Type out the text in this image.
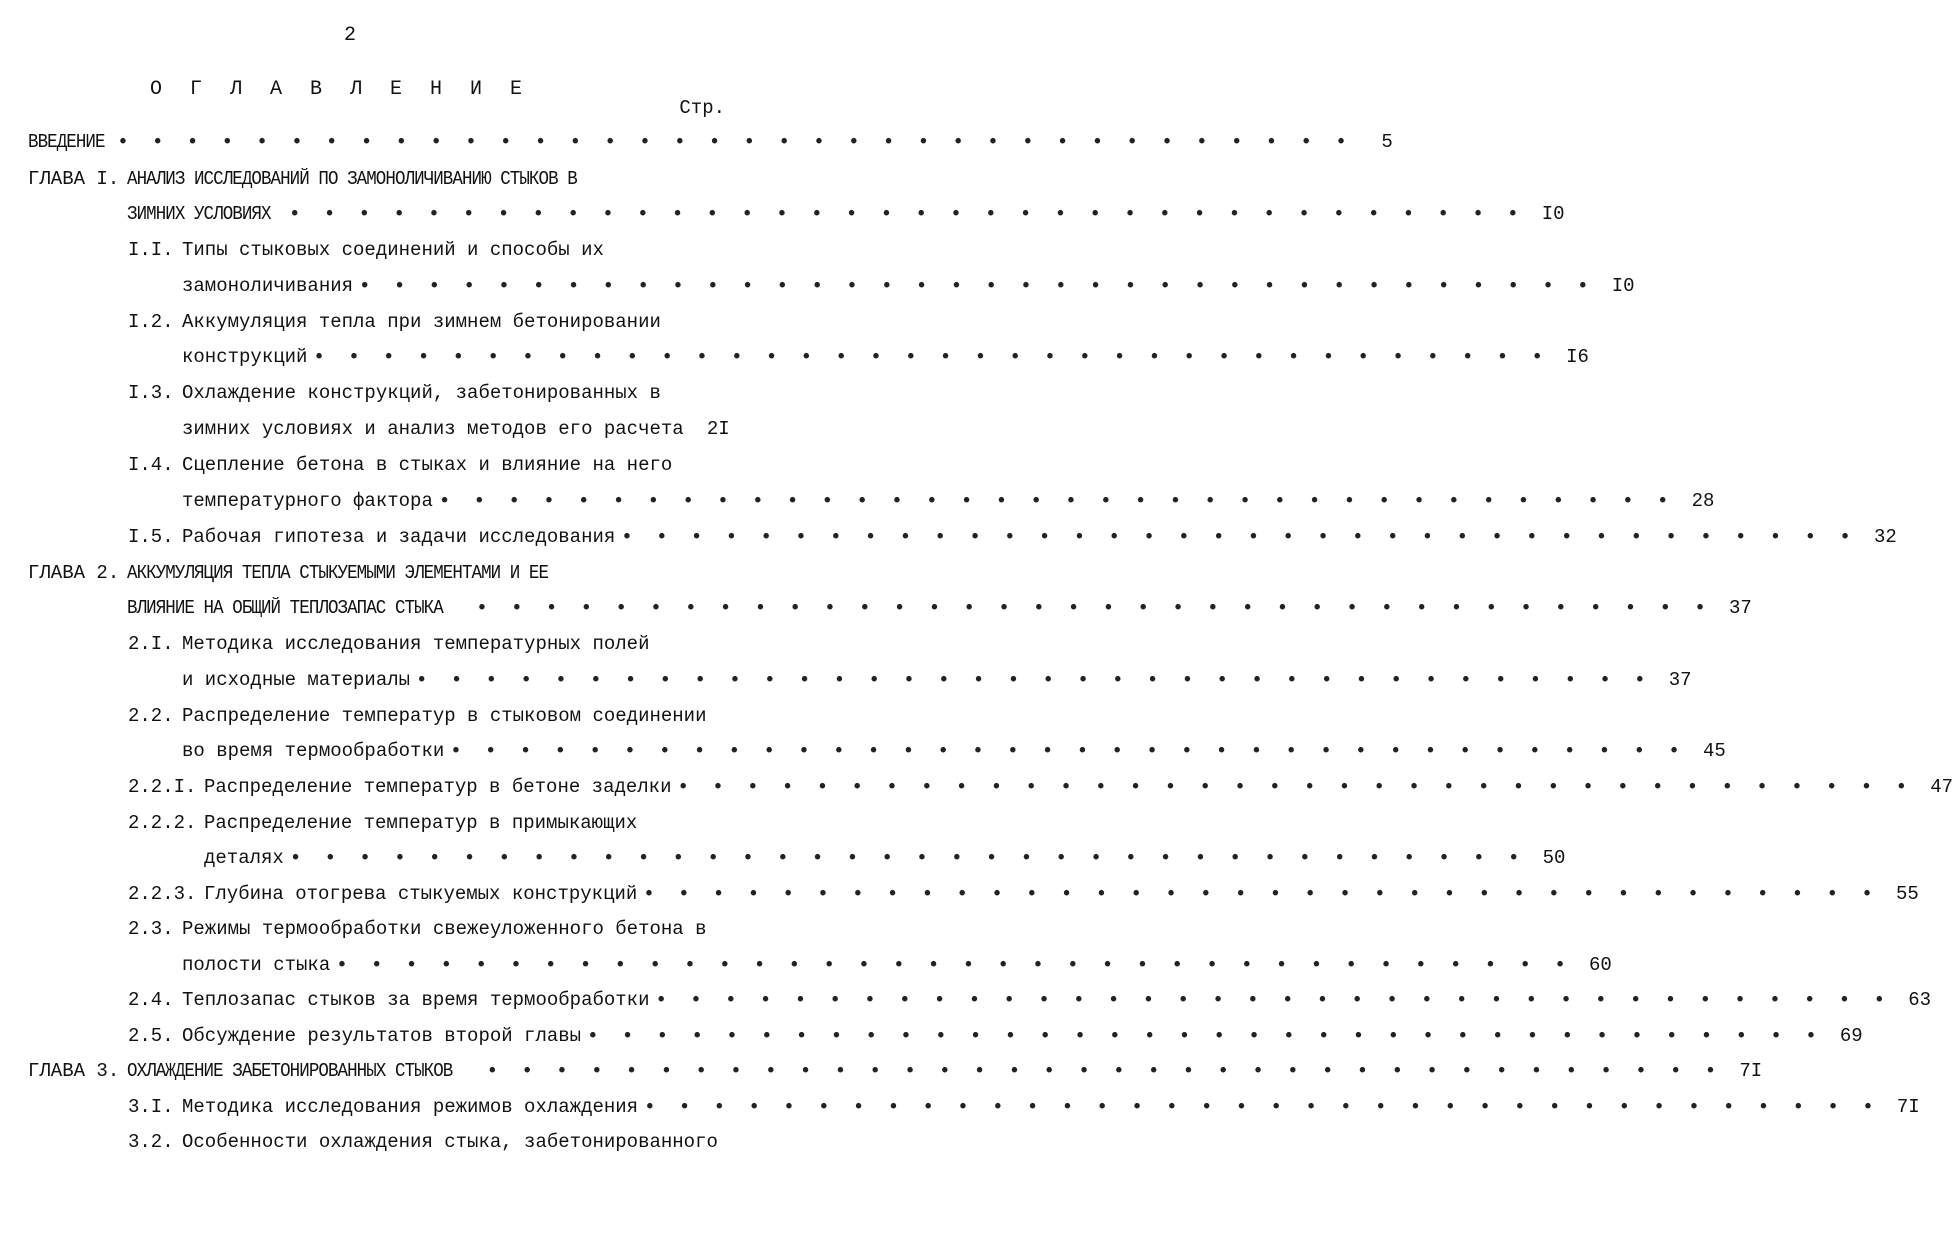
2
О Г Л А В Л Е Н И Е
Стр.
ВВЕДЕНИЕ • • • • • • • • • • • • • • • • • • • • • • • • • • • • • • • • • • • •	5
ГЛАВА I. АНАЛИЗ ИССЛЕДОВАНИЙ ПО ЗАМОНОЛИЧИВАНИЮ СТЫКОВ В
ЗИМНИХ УСЛОВИЯХ • • • • • • • • • • • • • • • • • • • • • • • • • • • • • • • • • • • • I0
I.I. Типы стыковых соединений и способы их
замоноличивания • • • • • • • • • • • • • • • • • • • • • • • • • • • • • • • • • • • • I0
I.2. Аккумуляция тепла при зимнем бетонировании
конструкций • • • • • • • • • • • • • • • • • • • • • • • • • • • • • • • • • • • • I6
I.3. Охлаждение конструкций, забетонированных в
зимних условиях и анализ методов его расчета	2I
I.4. Сцепление бетона в стыках и влияние на него
температурного фактора • • • • • • • • • • • • • • • • • • • • • • • • • • • • • • • • • • • • 28
I.5. Рабочая гипотеза и задачи исследования • • • • • • • • • • • • • • • • • • • • • • • • • • • • • • • • • • • • 32
ГЛАВА 2. АККУМУЛЯЦИЯ ТЕПЛА СТЫКУЕМЫМИ ЭЛЕМЕНТАМИ И ЕЕ
ВЛИЯНИЕ НА ОБЩИЙ ТЕПЛОЗАПАС СТЫКА • • • • • • • • • • • • • • • • • • • • • • • • • • • • • • • • • • • • 37
2.I. Методика исследования температурных полей
и исходные материалы • • • • • • • • • • • • • • • • • • • • • • • • • • • • • • • • • • • • 37
2.2. Распределение температур в стыковом соединении
во время термообработки • • • • • • • • • • • • • • • • • • • • • • • • • • • • • • • • • • • • 45
2.2.I. Распределение температур в бетоне заделки • • • • • • • • • • • • • • • • • • • • • • • • • • • • • • • • • • • • 47
2.2.2. Распределение температур в примыкающих
деталях • • • • • • • • • • • • • • • • • • • • • • • • • • • • • • • • • • • • 50
2.2.3. Глубина отогрева стыкуемых конструкций • • • • • • • • • • • • • • • • • • • • • • • • • • • • • • • • • • • • 55
2.3. Режимы термообработки свежеуложенного бетона в
полости стыка • • • • • • • • • • • • • • • • • • • • • • • • • • • • • • • • • • • • 60
2.4. Теплозапас стыков за время термообработки • • • • • • • • • • • • • • • • • • • • • • • • • • • • • • • • • • • • 63
2.5. Обсуждение результатов второй главы • • • • • • • • • • • • • • • • • • • • • • • • • • • • • • • • • • • • 69
ГЛАВА 3. ОХЛАЖДЕНИЕ ЗАБЕТОНИРОВАННЫХ СТЫКОВ • • • • • • • • • • • • • • • • • • • • • • • • • • • • • • • • • • • • 7I
3.I. Методика исследования режимов охлаждения • • • • • • • • • • • • • • • • • • • • • • • • • • • • • • • • • • • • 7I
3.2. Особенности охлаждения стыка, забетонированного
